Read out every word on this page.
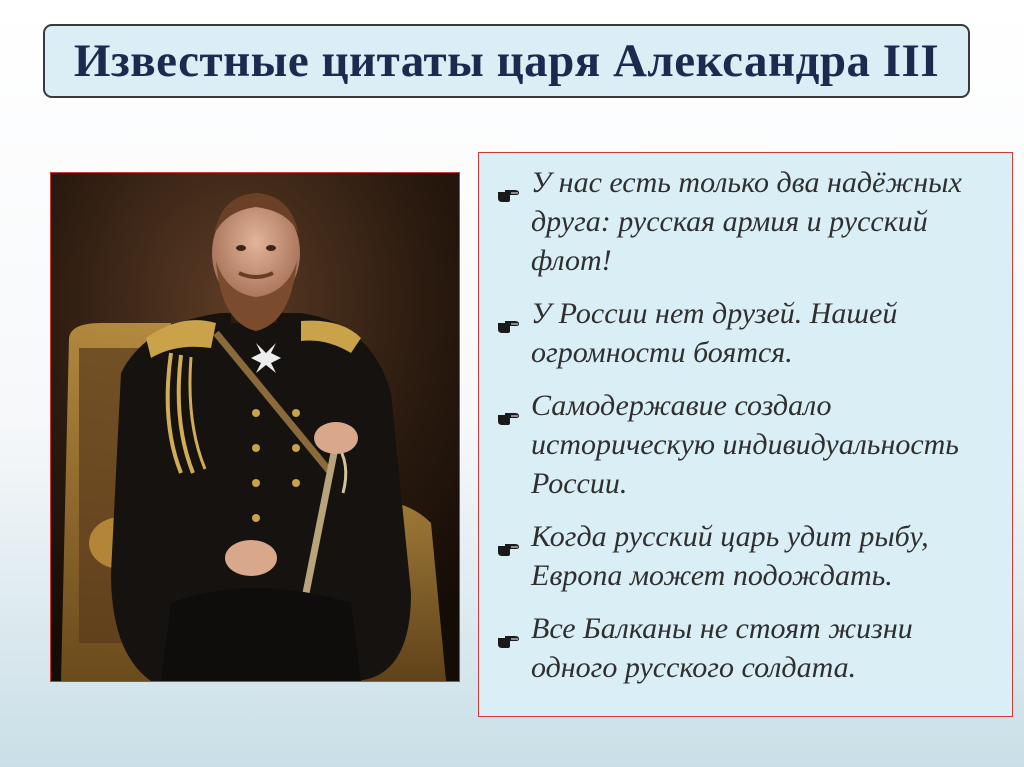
Известные цитаты царя Александра III
У нас есть только два надёжных друга: русская армия и русский флот!
У России нет друзей. Нашей огромности боятся.
Самодержавие создало историческую индивидуальность России.
Когда русский царь удит рыбу, Европа может подождать.
Все Балканы не стоят жизни одного русского солдата.
